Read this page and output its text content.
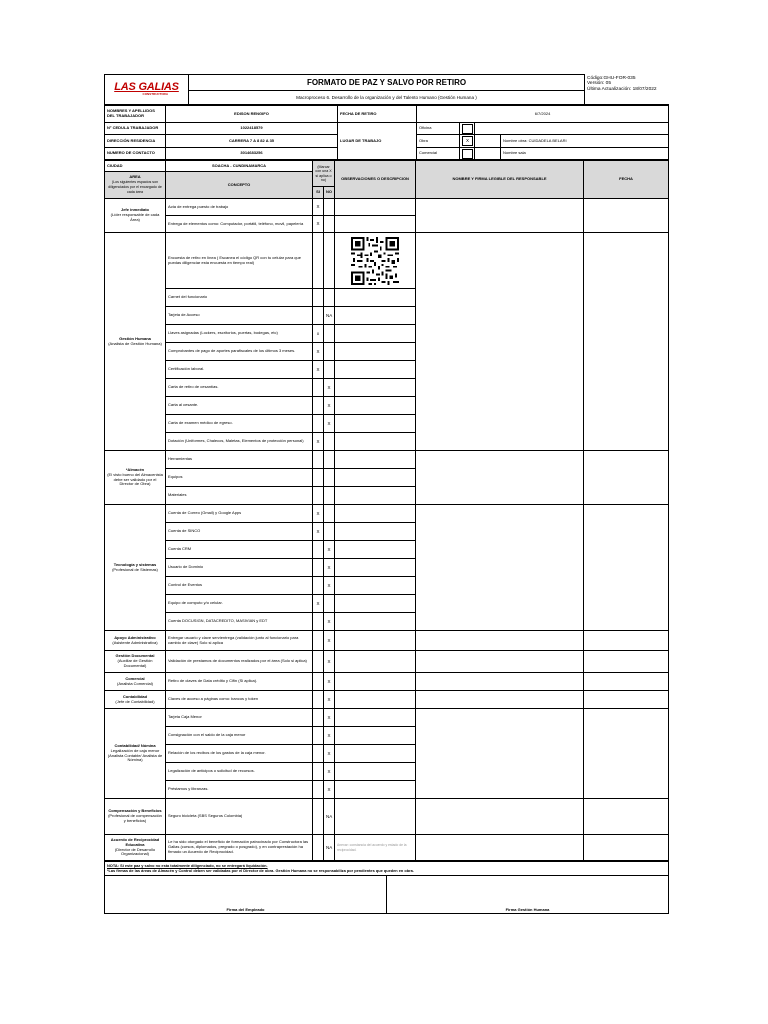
LAS GALIAS
CONSTRUCTORA
	FORMATO DE PAZ Y SALVO POR RETIRO	Código:GHU-FOR-035
Versión: 05
Última Actualización: 18/07/2022

Macroproceso 6. Desarrollo de la organización y del Talento Humano (Gestión Humana )
NOMBRES Y APELLIDOS DEL TRABAJADOR	EDISON RENGIFO	FECHA DE RETIRO	6/7/2024			
N° CEDULA TRABAJADOR	1022418579	LUGAR DE TRABAJO	Oficina			
DIRECCIÓN RESIDENCIA	CARRERA 7 A 8 82 A 35		Obra	X		Nombre obra: CUIDADELA BELARI
NUMERO DE CONTACTO	3014683256		Comercial			Nombre sala
CIUDAD	SOACHA - CUNDINAMARCA	(Marcar con una X si aplica o no)		OBSERVACIONES O DESCRIPCION	NOMBRE Y FIRMA LEGIBLE DEL RESPONSABLE	FECHA
AREA
(Los siguientes espacios son diligenciados por el encargado de cada área	CONCEPTO					
		SI	NO			

Jefe inmediato
(Líder responsable de cada Área)	Acta de entrega puesto de trabajo	X				
	Entrega de elementos como: Computador, portátil, teléfono, movil, papelería	X				

Gestión Humana
(Analista de Gestión Humana)	Encuesta de retiro en línea ( Escanea el código QR con tu celular para que puedas diligenciar esta encuesta en tiempo real)			

	Carnet del funcionario					
	Tarjeta de Acceso		NA			
	Llaves asignadas (Lockers, escritorios, puertas, bodegas, etc)	x				
	Comprobantes de pago de aportes parafiscales de los últimos 3 meses.	X				
	Certificación laboral.	X				
	Carta de retiro de cesantías.		X			
	Carta al cesante.		X			
	Carta de examen médico de egreso.		X			
	Dotación (Uniformes, Chalecos, Maletas, Elementos de protección personal)	X				

*Almacén
(El visto bueno del Almacenista debe ser validado por el Director de Obra)	Herramientas					
	Equipos					
	Materiales					

Tecnología y sistemas
(Profesional de Sistemas)	Cuenta de Correo (Gmail) y Google Apps	X				
	Cuenta de SINCO	X				
	Cuenta CRM		X			
	Usuario de Dominio		X			
	Control de Eventos		X			
	Equipo de computo y/o celular.	X				
	Cuenta DOCUSIGN, DATACREDITO, MASIVIAN y EDT		X			

Apoyo Administrativo
(Asistente Administrativa)	Entregar usuario y clave servientrega (validación junto al funcionario para cambio de clave) Solo si aplica		X			

Gestión Documental
(Auxiliar de Gestión Documental)	Validación de prestamos de documentos realizados por el área (Solo si aplica)		X			

Comercial
(Analista Comercial)	Retiro de claves de Data crédito y Cifin (Si aplica).		X			

Contabilidad
(Jefe de Contabilidad)	Claves de acceso a páginas como: bancos y token		X			

Contabilidad/ Nómina
Legalización de caja menor (Analista Contable/ Analista de Nómina)	Tarjeta Caja Menor		X			
	Consignación con el saldo de la caja menor		X			
	Relación de los recibos de los gastos de la caja menor.		X			
	Legalización de anticipos o solicitud de recursos.		X			
	Préstamos y libranzas.		X			

Compensación y Beneficios
(Profesional de compensación y beneficios)	Seguro bicicleta (SBS Seguros Colombia)		NA			

Acuerdo de Reciprocidad Educativa
(Director de Desarrollo Organizacional)	Le ha sido otorgado el beneficio de formación patrocinado por Constructora las Galias (cursos, diplomados, pregrado o posgrado), y en contraprestación ha firmado un Acuerdo de Reciprocidad.		NA	Anexar: constancia del acuerdo y estado de la reciprocidad.		
NOTA: Si este paz y salvo no esta totalmente diligenciado, no se entregará liquidación.
*Las firmas de las áreas de Almacén y Control deben ser validadas por el Director de obra. Gestión Humana no se responsabiliza por pendientes que queden en obra.

Firma del Empleado	Firma Gestión Humana
